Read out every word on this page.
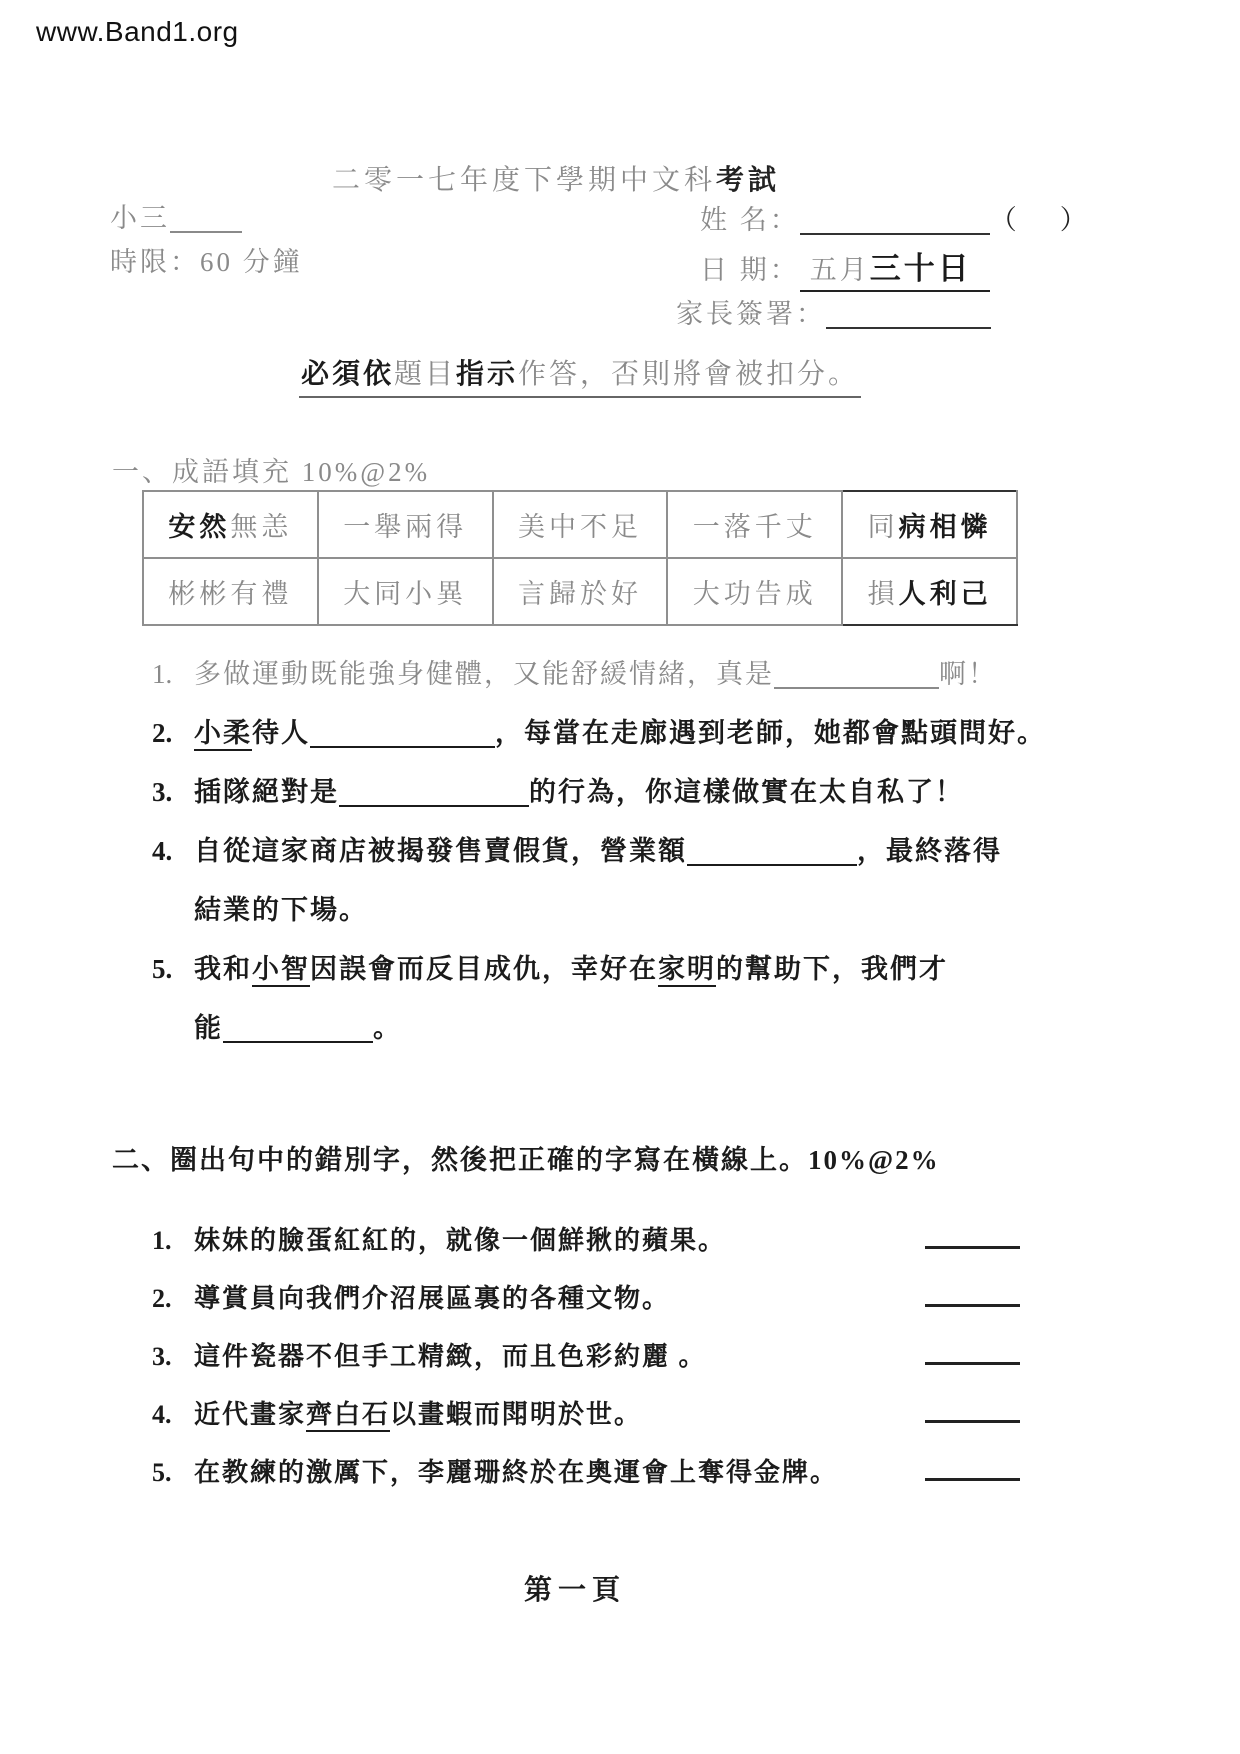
www.Band1.org
二零一七年度下學期中文科考試
小三
時限：60 分鐘
姓 名：	（　）
日 期： 五月三十日
家長簽署：
必須依題目指示作答，否則將會被扣分。
一、成語填充 10%@2%
安然無恙	一舉兩得	美中不足	一落千丈	同病相憐
彬彬有禮	大同小異	言歸於好	大功告成	損人利己
1. 多做運動既能強身健體，又能舒緩情緒，真是	啊！
2. 小柔待人	，每當在走廊遇到老師，她都會點頭問好。
3. 插隊絕對是	的行為，你這樣做實在太自私了！
4. 自從這家商店被揭發售賣假貨，營業額	，最終落得
結業的下場。
5. 我和小智因誤會而反目成仇，幸好在家明的幫助下，我們才
能	。
二、圈出句中的錯別字，然後把正確的字寫在橫線上。10%@2%
1. 妹妹的臉蛋紅紅的，就像一個鮮揪的蘋果。
2. 導賞員向我們介沼展區裏的各種文物。
3. 這件瓷器不但手工精緻，而且色彩約麗 。
4. 近代畫家齊白石以畫蝦而閗明於世。
5. 在教練的激厲下，李麗珊終於在奧運會上奪得金牌。
第一頁
